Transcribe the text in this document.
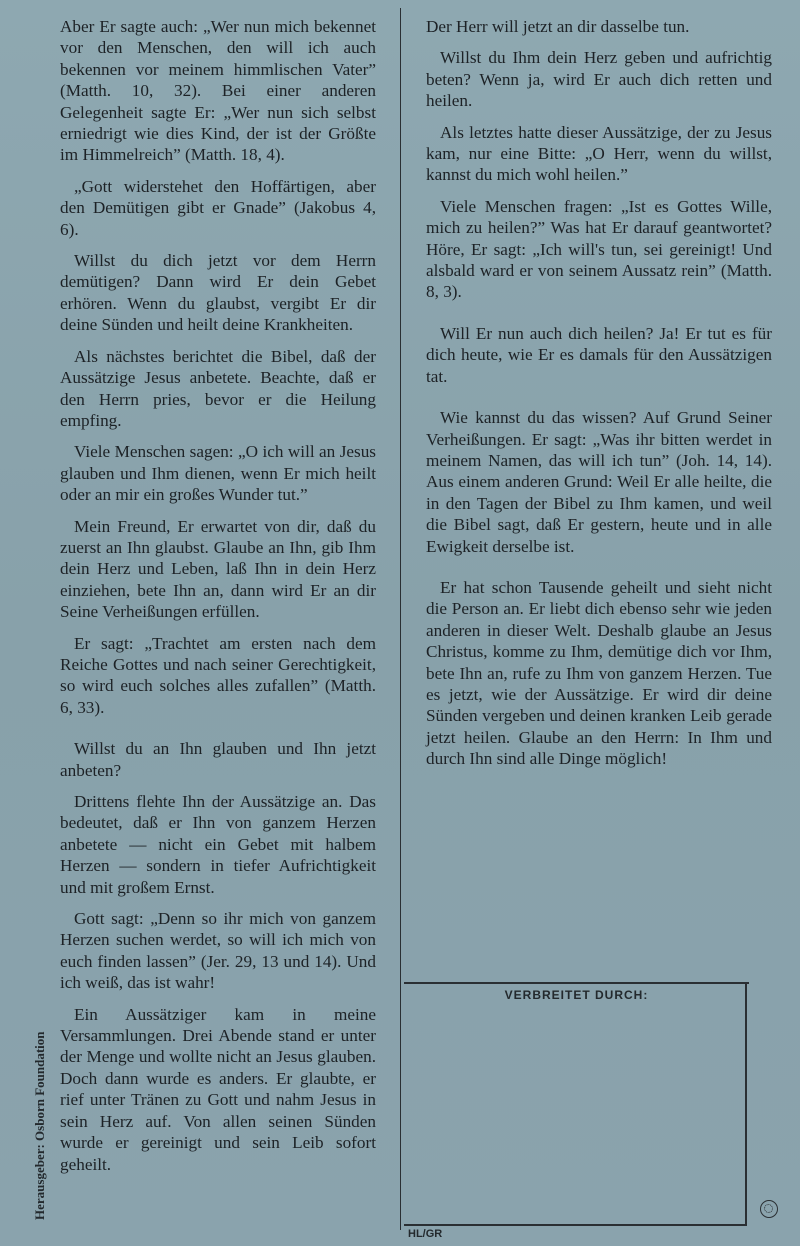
Aber Er sagte auch: „Wer nun mich bekennet vor den Menschen, den will ich auch bekennen vor meinem himmlischen Vater” (Matth. 10, 32). Bei einer anderen Gelegenheit sagte Er: „Wer nun sich selbst erniedrigt wie dies Kind, der ist der Größte im Himmelreich” (Matth. 18, 4).

„Gott widerstehet den Hoffärtigen, aber den Demütigen gibt er Gnade” (Jakobus 4, 6).

Willst du dich jetzt vor dem Herrn demütigen? Dann wird Er dein Gebet erhören. Wenn du glaubst, vergibt Er dir deine Sünden und heilt deine Krankheiten.

Als nächstes berichtet die Bibel, daß der Aussätzige Jesus anbetete. Beachte, daß er den Herrn pries, bevor er die Heilung empfing.

Viele Menschen sagen: „O ich will an Jesus glauben und Ihm dienen, wenn Er mich heilt oder an mir ein großes Wunder tut.”

Mein Freund, Er erwartet von dir, daß du zuerst an Ihn glaubst. Glaube an Ihn, gib Ihm dein Herz und Leben, laß Ihn in dein Herz einziehen, bete Ihn an, dann wird Er an dir Seine Verheißungen erfüllen.

Er sagt: „Trachtet am ersten nach dem Reiche Gottes und nach seiner Gerechtigkeit, so wird euch solches alles zufallen” (Matth. 6, 33).

Willst du an Ihn glauben und Ihn jetzt anbeten?

Drittens flehte Ihn der Aussätzige an. Das bedeutet, daß er Ihn von ganzem Herzen anbetete — nicht ein Gebet mit halbem Herzen — sondern in tiefer Aufrichtigkeit und mit großem Ernst.

Gott sagt: „Denn so ihr mich von ganzem Herzen suchen werdet, so will ich mich von euch finden lassen” (Jer. 29, 13 und 14). Und ich weiß, das ist wahr!

Ein Aussätziger kam in meine Versammlungen. Drei Abende stand er unter der Menge und wollte nicht an Jesus glauben. Doch dann wurde es anders. Er glaubte, er rief unter Tränen zu Gott und nahm Jesus in sein Herz auf. Von allen seinen Sünden wurde er gereinigt und sein Leib sofort geheilt.

Der Herr will jetzt an dir dasselbe tun.

Willst du Ihm dein Herz geben und aufrichtig beten? Wenn ja, wird Er auch dich retten und heilen.

Als letztes hatte dieser Aussätzige, der zu Jesus kam, nur eine Bitte: „O Herr, wenn du willst, kannst du mich wohl heilen.”

Viele Menschen fragen: „Ist es Gottes Wille, mich zu heilen?” Was hat Er darauf geantwortet? Höre, Er sagt: „Ich will's tun, sei gereinigt! Und alsbald ward er von seinem Aussatz rein” (Matth. 8, 3).

Will Er nun auch dich heilen? Ja! Er tut es für dich heute, wie Er es damals für den Aussätzigen tat.

Wie kannst du das wissen? Auf Grund Seiner Verheißungen. Er sagt: „Was ihr bitten werdet in meinem Namen, das will ich tun” (Joh. 14, 14). Aus einem anderen Grund: Weil Er alle heilte, die in den Tagen der Bibel zu Ihm kamen, und weil die Bibel sagt, daß Er gestern, heute und in alle Ewigkeit derselbe ist.

Er hat schon Tausende geheilt und sieht nicht die Person an. Er liebt dich ebenso sehr wie jeden anderen in dieser Welt. Deshalb glaube an Jesus Christus, komme zu Ihm, demütige dich vor Ihm, bete Ihn an, rufe zu Ihm von ganzem Herzen. Tue es jetzt, wie der Aussätzige. Er wird dir deine Sünden vergeben und deinen kranken Leib gerade jetzt heilen. Glaube an den Herrn: In Ihm und durch Ihn sind alle Dinge möglich!

VERBREITET DURCH:
HL/GR
Herausgeber: Osborn Foundation
